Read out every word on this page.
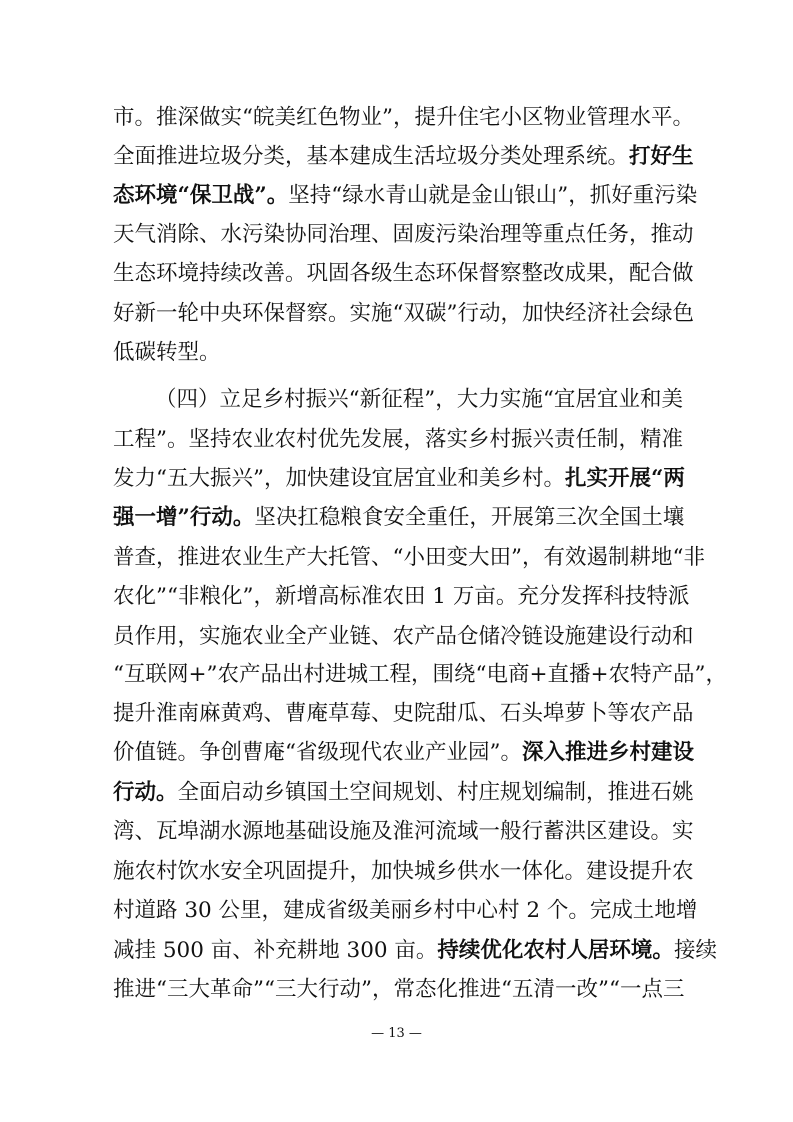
市。推深做实“皖美红色物业”，提升住宅小区物业管理水平。
全面推进垃圾分类，基本建成生活垃圾分类处理系统。打好生
态环境“保卫战”。坚持“绿水青山就是金山银山”，抓好重污染
天气消除、水污染协同治理、固废污染治理等重点任务，推动
生态环境持续改善。巩固各级生态环保督察整改成果，配合做
好新一轮中央环保督察。实施“双碳”行动，加快经济社会绿色
低碳转型。
（四）立足乡村振兴“新征程”，大力实施“宜居宜业和美
工程”。坚持农业农村优先发展，落实乡村振兴责任制，精准
发力“五大振兴”，加快建设宜居宜业和美乡村。扎实开展“两
强一增”行动。坚决扛稳粮食安全重任，开展第三次全国土壤
普查，推进农业生产大托管、“小田变大田”，有效遏制耕地“非
农化”“非粮化”，新增高标准农田 1 万亩。充分发挥科技特派
员作用，实施农业全产业链、农产品仓储冷链设施建设行动和
“互联网+”农产品出村进城工程，围绕“电商+直播+农特产品”，
提升淮南麻黄鸡、曹庵草莓、史院甜瓜、石头埠萝卜等农产品
价值链。争创曹庵“省级现代农业产业园”。深入推进乡村建设
行动。全面启动乡镇国土空间规划、村庄规划编制，推进石姚
湾、瓦埠湖水源地基础设施及淮河流域一般行蓄洪区建设。实
施农村饮水安全巩固提升，加快城乡供水一体化。建设提升农
村道路 30 公里，建成省级美丽乡村中心村 2 个。完成土地增
减挂 500 亩、补充耕地 300 亩。持续优化农村人居环境。接续
推进“三大革命”“三大行动”，常态化推进“五清一改”“一点三
— 13 —
